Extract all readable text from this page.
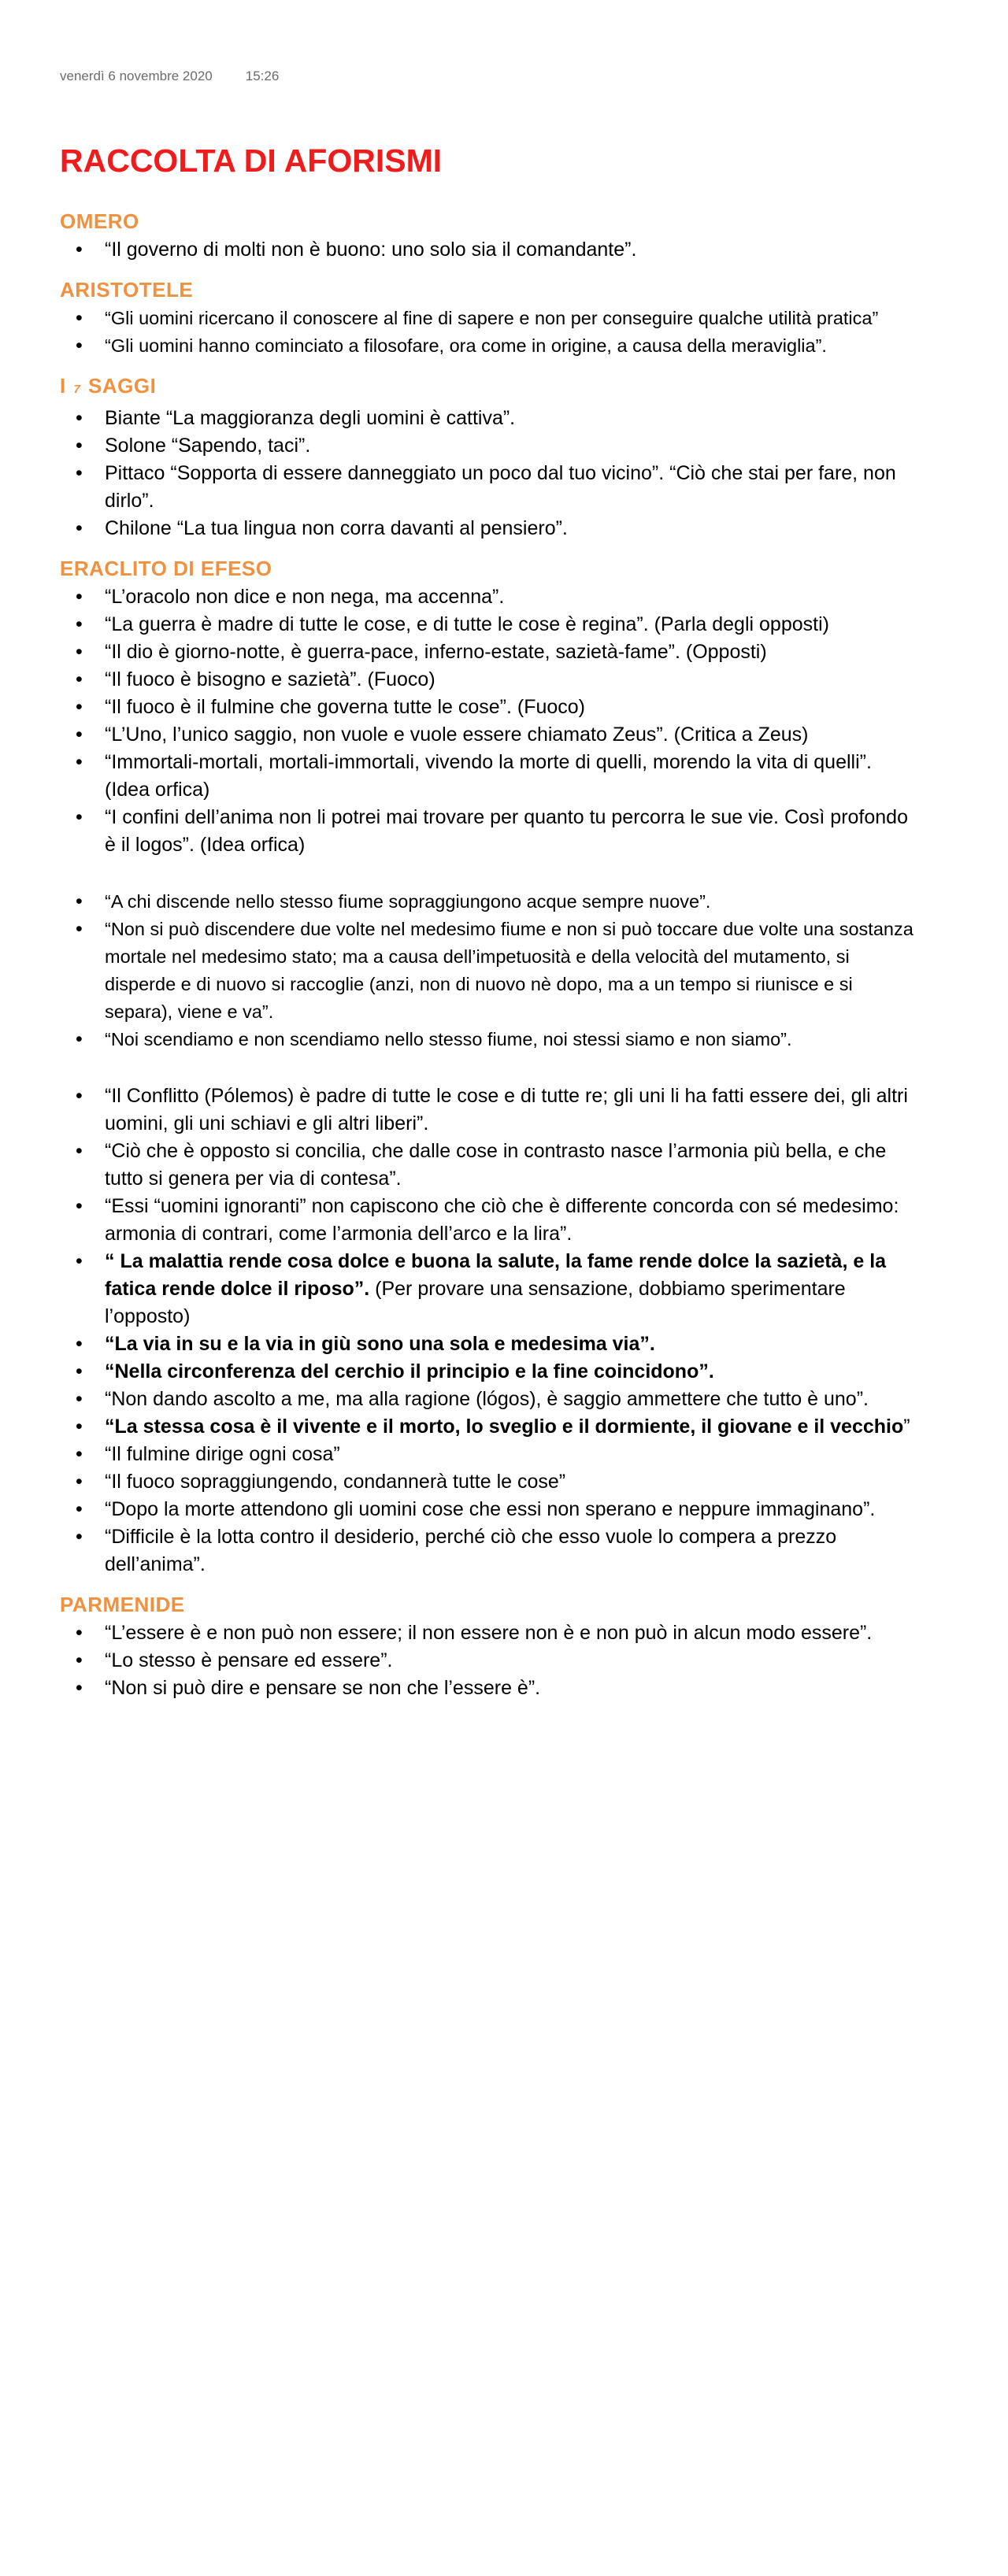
venerdì 6 novembre 2020 15:26
RACCOLTA DI AFORISMI
OMERO
• “Il governo di molti non è buono: uno solo sia il comandante”.
ARISTOTELE
• “Gli uomini ricercano il conoscere al fine di sapere e non per conseguire qualche utilità pratica”
• “Gli uomini hanno cominciato a filosofare, ora come in origine, a causa della meraviglia”.
I 7 SAGGI
• Biante “La maggioranza degli uomini è cattiva”.
• Solone “Sapendo, taci”.
• Pittaco “Sopporta di essere danneggiato un poco dal tuo vicino”. “Ciò che stai per fare, non dirlo”.
• Chilone “La tua lingua non corra davanti al pensiero”.
ERACLITO DI EFESO
• “L’oracolo non dice e non nega, ma accenna”.
• “La guerra è madre di tutte le cose, e di tutte le cose è regina”. (Parla degli opposti)
• “Il dio è giorno-notte, è guerra-pace, inferno-estate, sazietà-fame”. (Opposti)
• “Il fuoco è bisogno e sazietà”. (Fuoco)
• “Il fuoco è il fulmine che governa tutte le cose”. (Fuoco)
• “L’Uno, l’unico saggio, non vuole e vuole essere chiamato Zeus”. (Critica a Zeus)
• “Immortali-mortali, mortali-immortali, vivendo la morte di quelli, morendo la vita di quelli”. (Idea orfica)
• “I confini dell’anima non li potrei mai trovare per quanto tu percorra le sue vie. Così profondo è il logos”. (Idea orfica)
• “A chi discende nello stesso fiume sopraggiungono acque sempre nuove”.
• “Non si può discendere due volte nel medesimo fiume e non si può toccare due volte una sostanza mortale nel medesimo stato; ma a causa dell’impetuosità e della velocità del mutamento, si disperde e di nuovo si raccoglie (anzi, non di nuovo nè dopo, ma a un tempo si riunisce e si separa), viene e va”.
• “Noi scendiamo e non scendiamo nello stesso fiume, noi stessi siamo e non siamo”.
• “Il Conflitto (Pólemos) è padre di tutte le cose e di tutte re; gli uni li ha fatti essere dei, gli altri uomini, gli uni schiavi e gli altri liberi”.
• “Ciò che è opposto si concilia, che dalle cose in contrasto nasce l’armonia più bella, e che tutto si genera per via di contesa”.
• “Essi “uomini ignoranti” non capiscono che ciò che è differente concorda con sé medesimo: armonia di contrari, come l’armonia dell’arco e la lira”.
• “ La malattia rende cosa dolce e buona la salute, la fame rende dolce la sazietà, e la fatica rende dolce il riposo”. (Per provare una sensazione, dobbiamo sperimentare l’opposto)
• “La via in su e la via in giù sono una sola e medesima via”.
• “Nella circonferenza del cerchio il principio e la fine coincidono”.
• “Non dando ascolto a me, ma alla ragione (lógos), è saggio ammettere che tutto è uno”.
• “La stessa cosa è il vivente e il morto, lo sveglio e il dormiente, il giovane e il vecchio”
• “Il fulmine dirige ogni cosa”
• “Il fuoco sopraggiungendo, condannerà tutte le cose”
• “Dopo la morte attendono gli uomini cose che essi non sperano e neppure immaginano”.
• “Difficile è la lotta contro il desiderio, perché ciò che esso vuole lo compera a prezzo dell’anima”.
PARMENIDE
• “L’essere è e non può non essere; il non essere non è e non può in alcun modo essere”.
• “Lo stesso è pensare ed essere”.
• “Non si può dire e pensare se non che l’essere è”.
